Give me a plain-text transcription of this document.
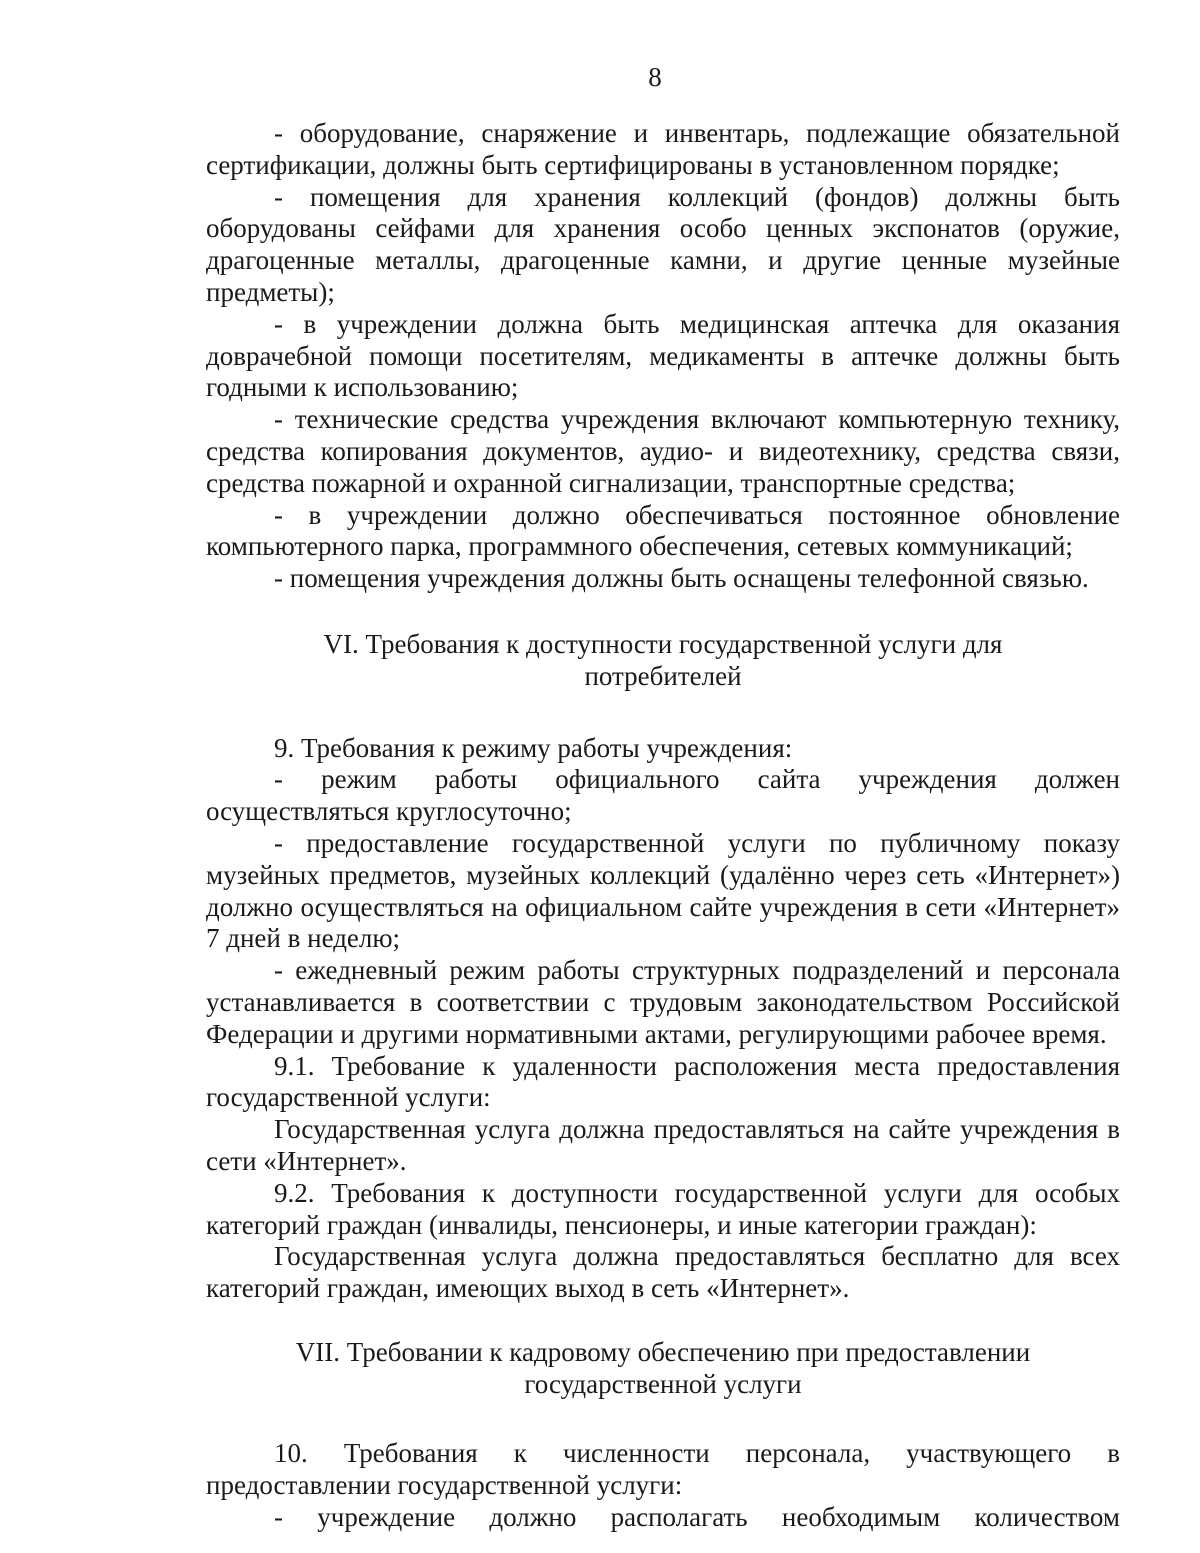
8

- оборудование, снаряжение и инвентарь, подлежащие обязательной сертификации, должны быть сертифицированы в установленном порядке;

- помещения для хранения коллекций (фондов) должны быть оборудованы сейфами для хранения особо ценных экспонатов (оружие, драгоценные металлы, драгоценные камни, и другие ценные музейные предметы);

- в учреждении должна быть медицинская аптечка для оказания доврачебной помощи посетителям, медикаменты в аптечке должны быть годными к использованию;

- технические средства учреждения включают компьютерную технику, средства копирования документов, аудио- и видеотехнику, средства связи, средства пожарной и охранной сигнализации, транспортные средства;

- в учреждении должно обеспечиваться постоянное обновление компьютерного парка, программного обеспечения, сетевых коммуникаций;

- помещения учреждения должны быть оснащены телефонной связью.

VI. Требования к доступности государственной услуги для

потребителей

9. Требования к режиму работы учреждения:

- режим работы официального сайта учреждения должен осуществляться круглосуточно;

- предоставление государственной услуги по публичному показу музейных предметов, музейных коллекций (удалённо через сеть «Интернет») должно осуществляться на официальном сайте учреждения в сети «Интернет» 7 дней в неделю;

- ежедневный режим работы структурных подразделений и персонала устанавливается в соответствии с трудовым законодательством Российской Федерации и другими нормативными актами, регулирующими рабочее время.

9.1. Требование к удаленности расположения места предоставления государственной услуги:

Государственная услуга должна предоставляться на сайте учреждения в сети «Интернет».

9.2. Требования к доступности государственной услуги для особых категорий граждан (инвалиды, пенсионеры, и иные категории граждан):

Государственная услуга должна предоставляться бесплатно для всех категорий граждан, имеющих выход в сеть «Интернет».

VII. Требовании к кадровому обеспечению при предоставлении

государственной услуги

10. Требования к численности персонала, участвующего в предоставлении государственной услуги:

- учреждение должно располагать необходимым количеством
